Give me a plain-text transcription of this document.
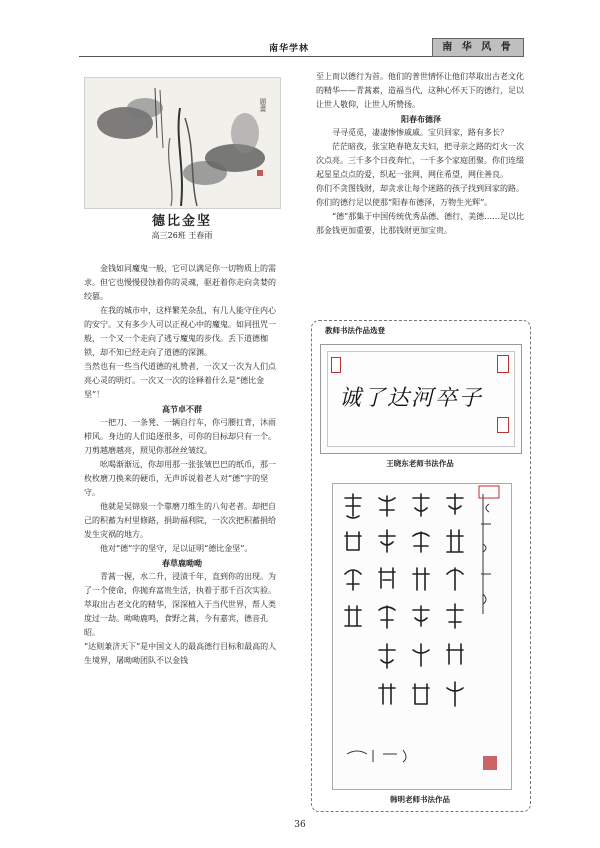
南华学林	南 华 风 骨
題畫
德比金坚
高三26班 王春雨

金钱如同魔鬼一般，它可以满足你一切物质上的需求。但它也慢慢侵蚀着你的灵魂，驱赶着你走向贪婪的绞篡。

在我的城市中，这样繁芜杂乱，有几人能守住内心的安宁。又有多少人可以正视心中的魔鬼。如同扭咒一般，一个又一个走向了逃亏魔鬼的步伐。丢下道德枷锁，却不知已经走向了道德的深渊。

当然也有一些当代道德的礼赞者，一次又一次为人们点亮心灵的明灯。一次又一次的诠释着什么是“德比金坚”！

高节卓不群

一把刀、一条凳、一辆自行车，你弓腰扛背，沐雨栉风。身边的人们追逐很多，可你的目标却只有一个。刀剪越磨越亮，照见你那丝丝皱纹。

吆喝渐渐远，你却用那一张张皱巴巴的纸币，那一枚枚磨刀换来的硬币，无声诉说着老人对“德”字的坚守。

他就是吴锦泉一个靠磨刀维生的八旬老者。却把自己的积蓄为村里修路，捐助福利院，一次次把积蓄捐给发生灾祸的地方。

他对“德”字的坚守，足以证明“德比金坚”。

春草鹿呦呦

青蒿一握，水二升，浸渍千年，直到你的出现。为了一个使命，你抛弃富贵生活，执着于那千百次实验。萃取出古老文化的精华，深深植入于当代世界，帮人类度过一劫。呦呦鹿鸣，食野之蒿，今有嘉宾，德音孔昭。

“达则兼济天下”是中国文人的最高德行目标和最高的人生境界，屠呦呦团队不以金钱

至上而以德行为首。他们的普世情怀让他们萃取出古老文化的精华——青蒿素，造福当代，这种心怀天下的德行，足以让世人敬仰，让世人所赞扬。

阳春布德泽

寻寻觅觅，凄凄惨惨戚戚。宝贝回家，路有多长？

茫茫暗夜，张宝艳春艳友夫妇，把寻亲之路的灯火一次次点亮。三千多个日夜奔忙，一千多个家庭团聚。你们连缀起星星点点的爱，织起一张网，网住希望，网住善良。

你们不贪图钱财，却贪求让每个迷路的孩子找到回家的路。

你们的德行足以使那“阳春布德泽，万物生光辉”。

“德”那集于中国传统优秀品德、德行、美德……足以比那金钱更加重要，比那钱财更加宝贵。

教师书法作品选登
诚了达河卒子
王晓东老师书法作品
韩明老师书法作品
36
